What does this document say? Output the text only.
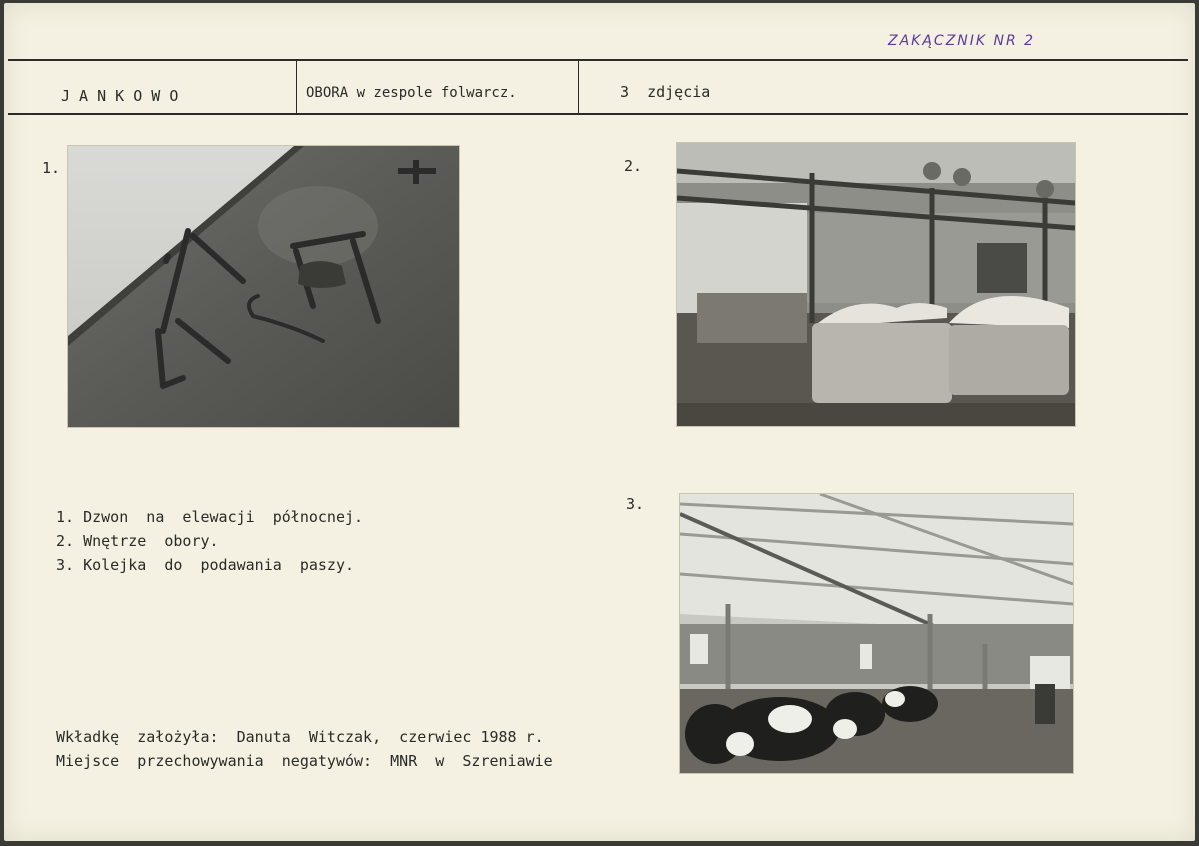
ZAKĄCZNIK NR 2
J A N K O W O	OBORA w zespole folwarcz.	3  zdjęcia
1.	2.
1. Dzwon  na  elewacji  północnej.
2. Wnętrze  obory.
3. Kolejka  do  podawania  paszy.
3.
Wkładkę  założyła:  Danuta  Witczak,  czerwiec 1988 r.
Miejsce  przechowywania  negatywów:  MNR  w  Szreniawie
